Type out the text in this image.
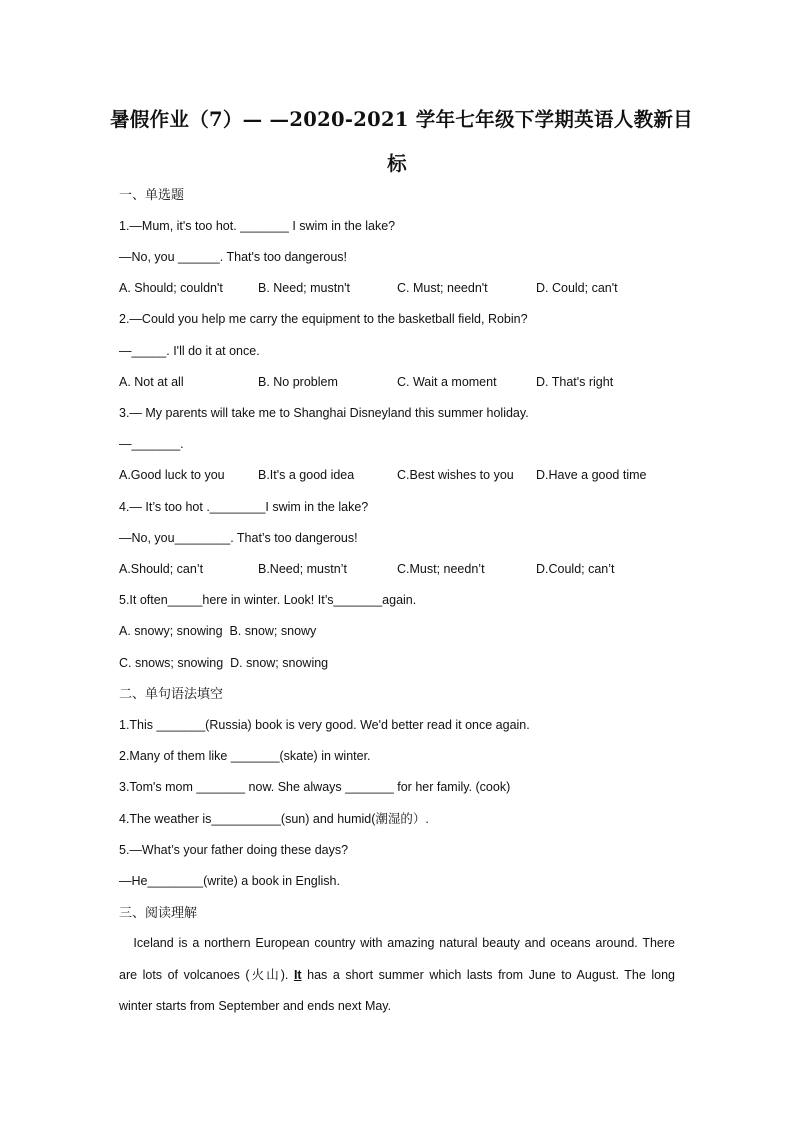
暑假作业（7）— —2020-2021 学年七年级下学期英语人教新目
标
一、单选题
1.—Mum, it's too hot. _______ I swim in the lake?
—No, you ______. That's too dangerous!
A. Should; couldn't	B. Need; mustn't	C. Must; needn't	D. Could; can't
2.—Could you help me carry the equipment to the basketball field, Robin?
—_____. I'll do it at once.
A. Not at all	B. No problem	C. Wait a moment	D. That's right
3.— My parents will take me to Shanghai Disneyland this summer holiday.
—_______.
A.Good luck to you	B.It's a good idea	C.Best wishes to you D.Have a good time
4.— It’s too hot .________I swim in the lake?
—No, you________. That’s too dangerous!
A.Should; can’t	B.Need; mustn’t	C.Must; needn’t	D.Could; can’t
5.It often_____here in winter. Look! It’s_______again.
A. snowy; snowing  B. snow; snowy
C. snows; snowing  D. snow; snowing
二、单句语法填空
1.This _______(Russia) book is very good. We'd better read it once again.
2.Many of them like _______(skate) in winter.
3.Tom's mom _______ now. She always _______ for her family. (cook)
4.The weather is__________(sun) and humid(潮湿的）.
5.—What’s your father doing these days?
—He________(write) a book in English.
三、阅读理解
Iceland is a northern European country with amazing natural beauty and oceans around. There
are lots of volcanoes (火山). It has a short summer which lasts from June to August. The long
winter starts from September and ends next May.
